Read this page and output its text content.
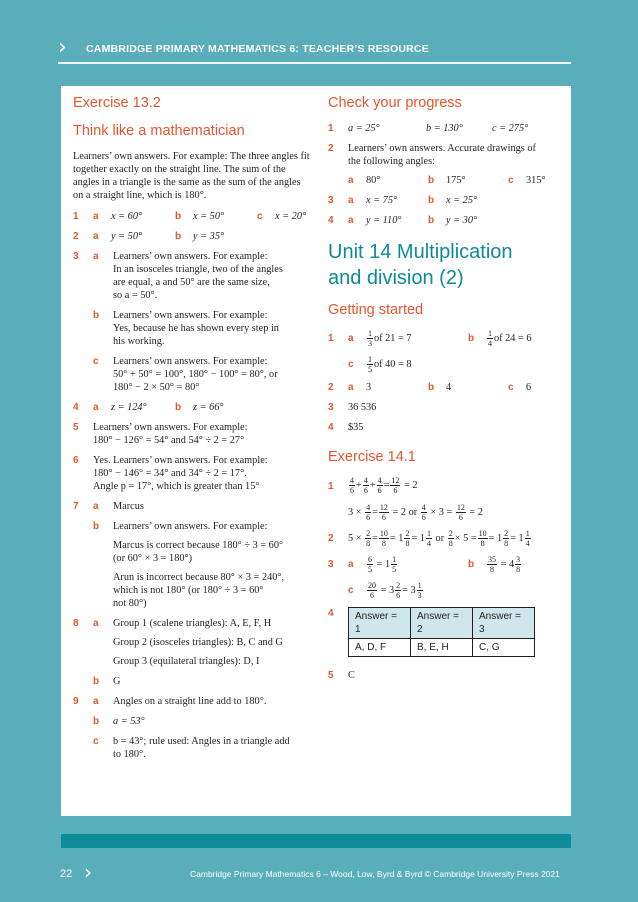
› CAMBRIDGE PRIMARY MATHEMATICS 6: TEACHER’S RESOURCE
Exercise 13.2
Think like a mathematician

Learners’ own answers. For example: The three angles fit together exactly on the straight line. The sum of the angles in a triangle is the same as the sum of the angles on a straight line, which is 180°.

1	a	x = 60°	b	x = 50°	c	x = 20°
2	a	y = 50°	b	y = 35°
3	a	Learners’ own answers. For example:
In an isosceles triangle, two of the angles
are equal, a and 50° are the same size,
so a = 50°.
b	Learners’ own answers. For example:
Yes, because he has shown every step in
his working.
c	Learners’ own answers. For example:
50° + 50° = 100°, 180° − 100° = 80°, or
180° − 2 × 50° = 80°
4	a	z = 124°	b	z = 66°
5	Learners’ own answers. For example:
180° − 126° = 54° and 54° ÷ 2 = 27°
6	Yes. Learners’ own answers. For example:
180° − 146° = 34° and 34° ÷ 2 = 17°.
Angle p = 17°, which is greater than 15°
7	a	Marcus
b	Learners’ own answers. For example:
Marcus is correct because 180° ÷ 3 = 60°
(or 60° × 3 = 180°)
Arun is incorrect because 80° × 3 = 240°,
which is not 180° (or 180° ÷ 3 = 60°
not 80°)
8	a	Group 1 (scalene triangles): A, E, F, H
Group 2 (isosceles triangles): B, C and G
Group 3 (equilateral triangles): D, I
b	G
9	a	Angles on a straight line add to 180°.
b	a = 53°
c	b = 43°; rule used: Angles in a triangle add
to 180°.
Check your progress
1	a = 25°	b = 130°	c = 275°
2	Learners’ own answers. Accurate drawings of
the following angles:
a	80°	b	175°	c	315°
3	a	x = 75°	b	x = 25°
4	a	y = 110°	b	y = 30°
Unit 14 Multiplication
and division (2)
Getting started
1	a	$\frac{1}{3}$ of 21 = 7	b	$\frac{1}{4}$ of 24 = 6
c	$\frac{1}{5}$ of 40 = 8
2	a	3	b	4	c	6
3	36 536
4	$35
Exercise 14.1
1	$\frac{4}{6} + \frac{4}{6} + \frac{4}{6} = \frac{12}{6} = 2$
$3 \times \frac{4}{6} = \frac{12}{6} = 2$ or $\frac{4}{6} \times 3 = \frac{12}{6} = 2$
2	$5 \times \frac{2}{8} = \frac{10}{8} = 1 \frac{2}{8} = 1 \frac{1}{4}$ or $\frac{2}{8} \times 5 = \frac{10}{8} = 1 \frac{2}{8} = 1 \frac{1}{4}$
3	a	$\frac{6}{5} = 1 \frac{1}{5}$	b	$\frac{35}{8} = 4 \frac{3}{8}$
c	$\frac{20}{6} = 3 \frac{2}{6} = 3 \frac{1}{3}$
4	Answer = 1	Answer = 2	Answer = 3
A, D, F	B, E, H	C, G
5	C
22 ›	Cambridge Primary Mathematics 6 – Wood, Low, Byrd & Byrd © Cambridge University Press 2021
